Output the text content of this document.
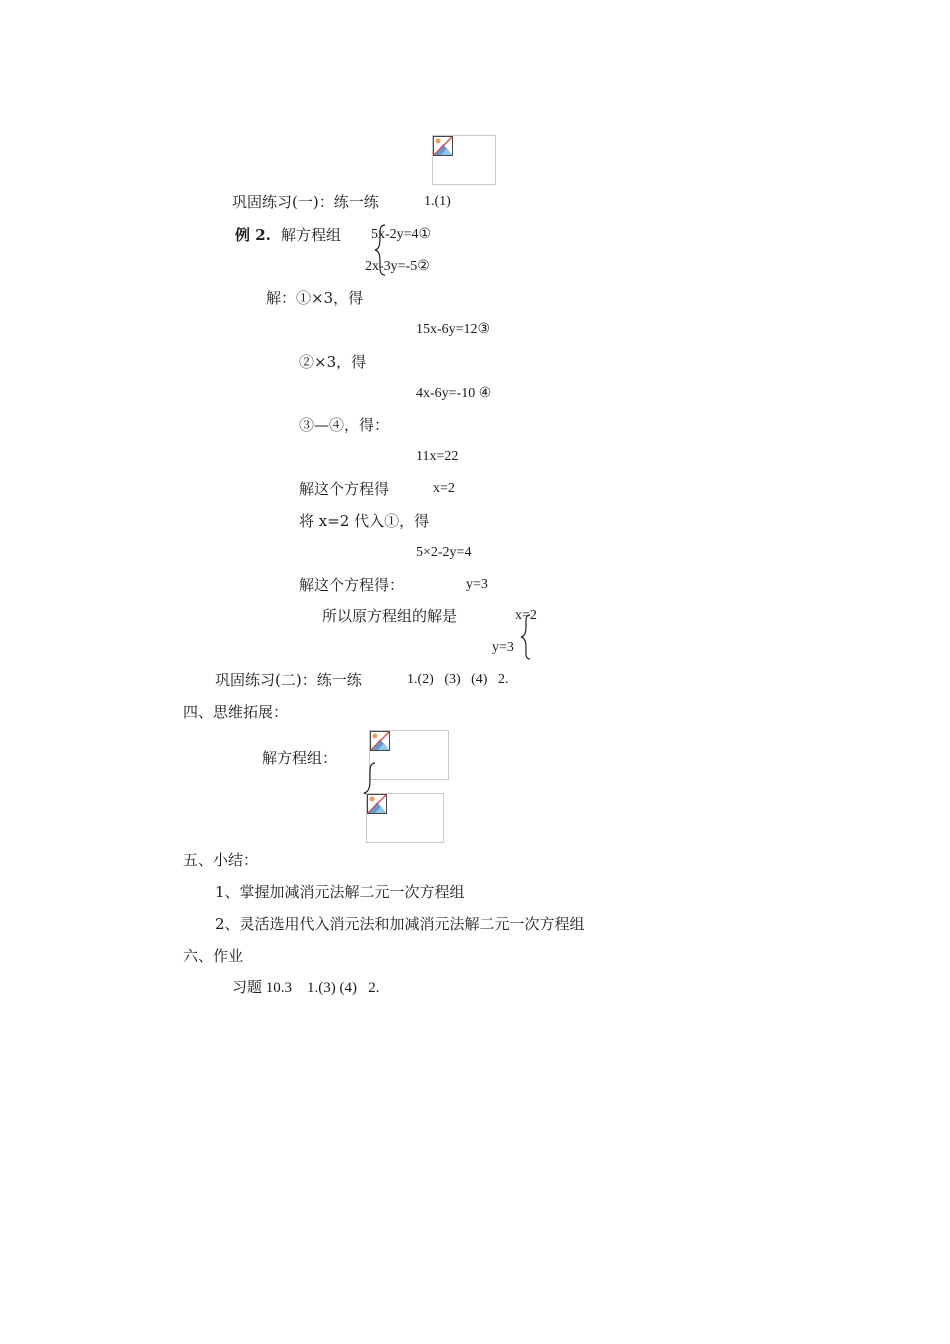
巩固练习(一)：练一练	1.(1)
例 2. 解方程组 5x-2y=4①
2x-3y=-5②
解：①×3，得
15x-6y=12③
②×3，得
4x-6y=-10 ④
③—④，得：
11x=22
解这个方程得	x=2
将 x=2 代入①，得
5×2-2y=4
解这个方程得：	y=3
所以原方程组的解是	x=2
y=3
巩固练习(二)：练一练	1.(2)   (3)   (4)   2.
四、思维拓展：
解方程组：
五、小结：
1、掌握加减消元法解二元一次方程组
2、灵活选用代入消元法和加减消元法解二元一次方程组
六、作业
习题 10.3    1.(3) (4)   2.
